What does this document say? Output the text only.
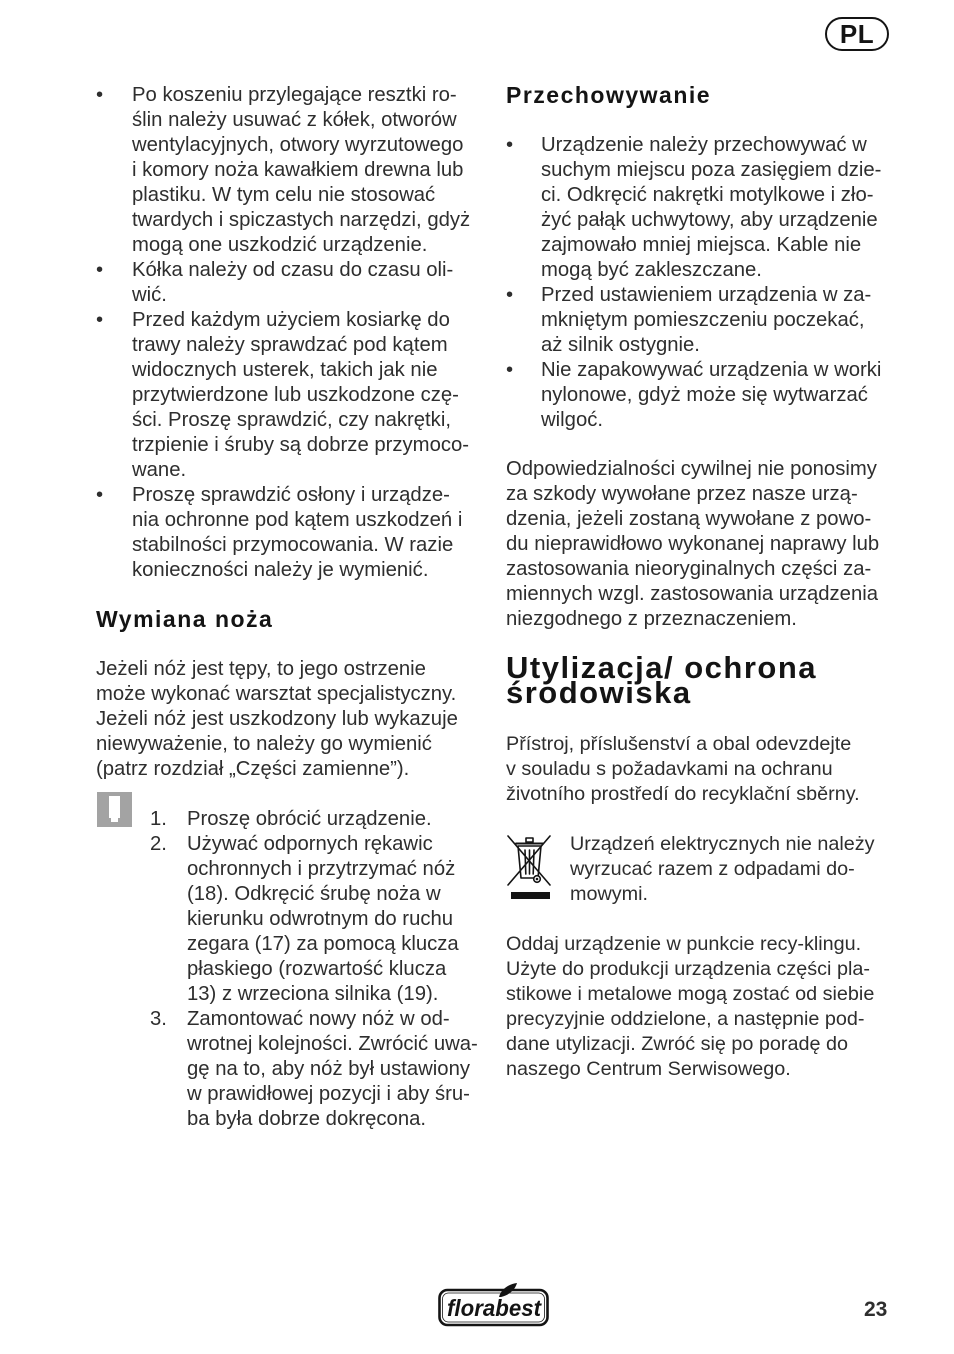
PL
• Po koszeniu przylegające resztki ro-
ślin należy usuwać z kółek, otworów
wentylacyjnych, otwory wyrzutowego
i komory noża kawałkiem drewna lub
plastiku. W tym celu nie stosować
twardych i spiczastych narzędzi, gdyż
mogą one uszkodzić urządzenie.
• Kółka należy od czasu do czasu oli-
wić.
• Przed każdym użyciem kosiarkę do
trawy należy sprawdzać pod kątem
widocznych usterek, takich jak nie
przytwierdzone lub uszkodzone czę-
ści. Proszę sprawdzić, czy nakrętki,
trzpienie i śruby są dobrze przymoco-
wane.
• Proszę sprawdzić osłony i urządze-
nia ochronne pod kątem uszkodzeń i
stabilności przymocowania. W razie
konieczności należy je wymienić.
Wymiana noża
Jeżeli nóż jest tępy, to jego ostrzenie
może wykonać warsztat specjalistyczny.
Jeżeli nóż jest uszkodzony lub wykazuje
niewyważenie, to należy go wymienić
(patrz rozdział „Części zamienne”).
1. Proszę obrócić urządzenie.
2. Używać odpornych rękawic
ochronnych i przytrzymać nóż
(18). Odkręcić śrubę noża w
kierunku odwrotnym do ruchu
zegara (17) za pomocą klucza
płaskiego (rozwartość klucza
13) z wrzeciona silnika (19).
3. Zamontować nowy nóż w od-
wrotnej kolejności. Zwrócić uwa-
gę na to, aby nóż był ustawiony
w prawidłowej pozycji i aby śru-
ba była dobrze dokręcona.
Przechowywanie
• Urządzenie należy przechowywać w
suchym miejscu poza zasięgiem dzie-
ci. Odkręcić nakrętki motylkowe i zło-
żyć pałąk uchwytowy, aby urządzenie
zajmowało mniej miejsca. Kable nie
mogą być zakleszczane.
• Przed ustawieniem urządzenia w za-
mkniętym pomieszczeniu poczekać,
aż silnik ostygnie.
• Nie zapakowywać urządzenia w worki
nylonowe, gdyż może się wytwarzać
wilgoć.
Odpowiedzialności cywilnej nie ponosimy
za szkody wywołane przez nasze urzą-
dzenia, jeżeli zostaną wywołane z powo-
du nieprawidłowo wykonanej naprawy lub
zastosowania nieoryginalnych części za-
miennych wzgl. zastosowania urządzenia
niezgodnego z przeznaczeniem.
Utylizacja/ ochrona
środowiska
Přístroj, příslušenství a obal odevzdejte
v souladu s požadavkami na ochranu
životního prostředí do recyklační sběrny.
Urządzeń elektrycznych nie należy
wyrzucać razem z odpadami do-
mowymi.
Oddaj urządzenie w punkcie recy-klingu.
Użyte do produkcji urządzenia części pla-
stikowe i metalowe mogą zostać od siebie
precyzyjnie oddzielone, a następnie pod-
dane utylizacji. Zwróć się po poradę do
naszego Centrum Serwisowego.
florabest	23
